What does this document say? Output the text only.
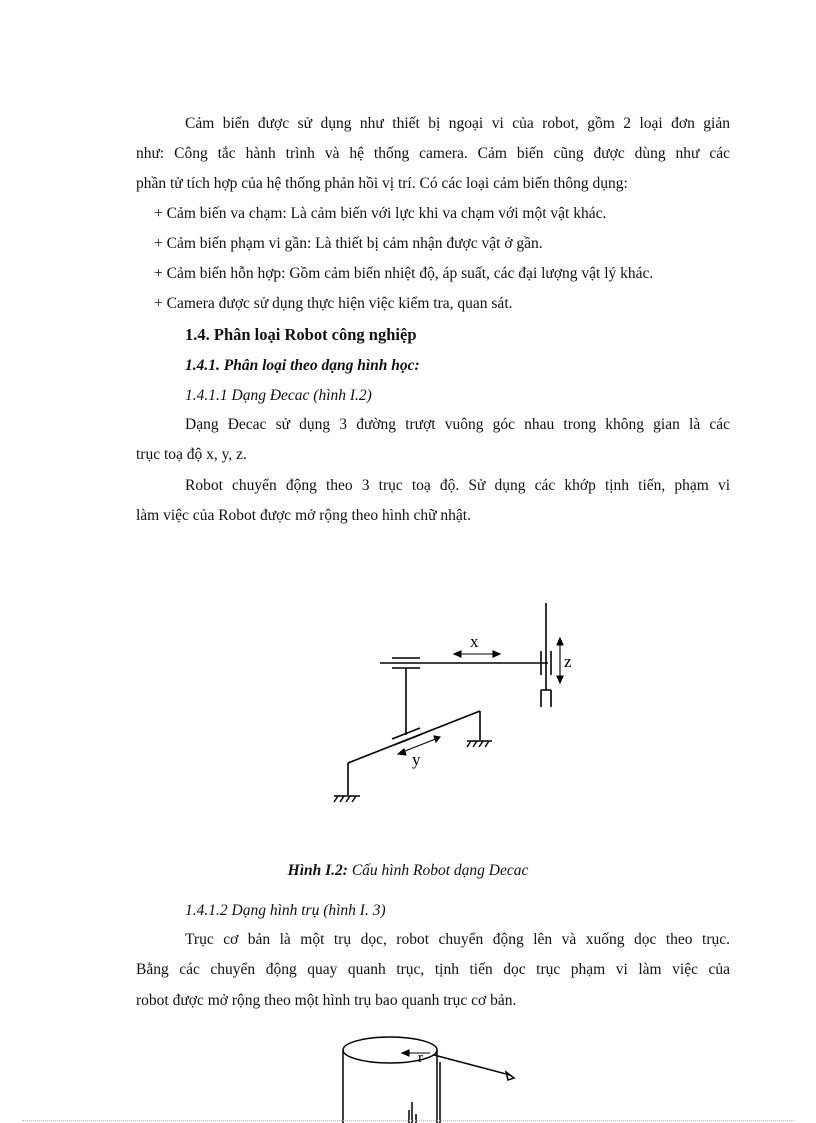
Cảm biến được sử dụng như thiết bị ngoại vi của robot, gồm 2 loại đơn giản
như: Công tắc hành trình và hệ thống camera. Cảm biến cũng được dùng như các
phần tử tích hợp của hệ thống phản hồi vị trí. Có các loại cảm biến thông dụng:
+ Cảm biến va chạm: Là cảm biến với lực khi va chạm với một vật khác.
+ Cảm biến phạm vi gần: Là thiết bị cảm nhận được vật ở gần.
+ Cảm biến hỗn hợp: Gồm cảm biến nhiệt độ, áp suất, các đại lượng vật lý khác.
+ Camera được sử dụng thực hiện việc kiểm tra, quan sát.
1.4. Phân loại Robot công nghiệp
1.4.1. Phân loại theo dạng hình học:
1.4.1.1 Dạng Đecac (hình I.2)
Dạng Đecac sử dụng 3 đường trượt vuông góc nhau trong không gian là các
trục toạ độ x, y, z.
Robot chuyển động theo 3 trục toạ độ. Sử dụng các khớp tịnh tiến, phạm vi
làm việc của Robot được mở rộng theo hình chữ nhật.
x
z
y
Hình I.2: Cấu hình Robot dạng Decac
1.4.1.2 Dạng hình trụ (hình I. 3)
Trục cơ bản là một trụ dọc, robot chuyển động lên và xuống dọc theo trục.
Bằng các chuyển động quay quanh trục, tịnh tiến dọc trục phạm vi làm việc của
robot được mở rộng theo một hình trụ bao quanh trục cơ bản.
r
